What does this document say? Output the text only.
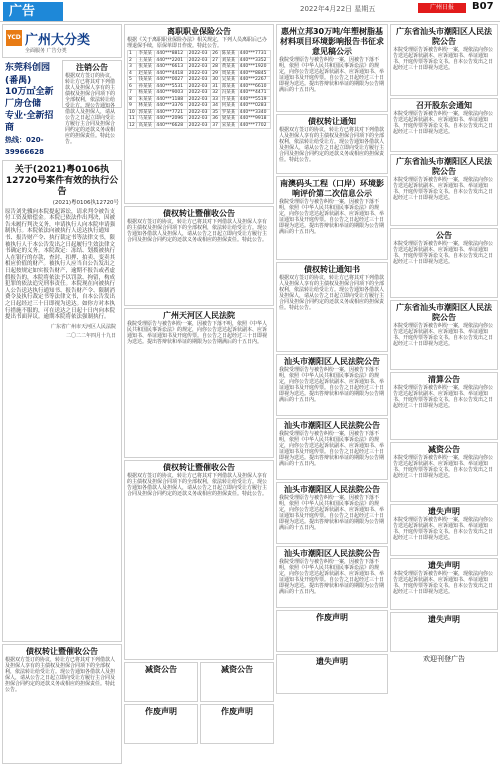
广告	2022年4月22日 星期五	广州日报	B07
YCD 广州大分类
全面服务 广告分类
东莞科创园(番禺)
10万㎡全新厂房仓储
专业·全新招商
热线：020-39966628
注销公告
根据双方签订的协议，转让方已将其对下列借款人及担保人享有的主债权及担保合同项下的全部权利，依法转让给受让方。现公告通知各借款人及担保人，请从公告之日起立即向受让方履行主合同及担保合同约定的还款义务或相应的担保责任。特此公告。
关于(2021)粤0106执12720号案件有效的执行公告
(2021)粤0106执12720号
原告刘先骥向本院提起诉讼，请求判令被告支付工资及赔偿金。本院已依法作出判决，因被告未履行判决义务，申请执行人向本院申请强制执行。本院依法向被执行人送达执行通知书、报告财产令、执行裁定书等法律文书，限被执行人于本公告发出之日起履行生效法律文书确定的义务。本院裁定：冻结、划拨被执行人在银行的存款，查封、扣押、拍卖、变卖其相应价值的财产。被执行人应当自公告发出之日起按规定如实报告财产，逾期不报告或者虚假报告的，本院将依法予以罚款、拘留，构成犯罪的依法追究刑事责任。本院现在向被执行人公告送达执行通知书、报告财产令、限制消费令及执行裁定书等法律文书，自本公告发出之日起经过三十日即视为送达。如你方对本执行措施不服的，可在送达之日起十日内向本院提出书面异议。逾期本院将依法强制执行。
广东省广州市天河区人民法院
二〇二二年四月十九日
债权转让暨催收公告
根据双方签订的协议，转让方已将其对下列借款人及担保人享有的主债权及担保合同项下的全部权利，依法转让给受让方。现公告通知各借款人及担保人，请从公告之日起立即向受让方履行主合同及担保合同约定的还款义务或相应的担保责任。特此公告。
离职职业保险公告
根据《关于离职职业保险办法》相关规定，下列人员离职后已办理退保手续，原保单即日作废。特此公告。
1	李某某	440***8812	2022-03	26	陈某某	440***7731
2	王某某	440***2201	2022-03	27	刘某某	440***3352
3	张某某	440***6613	2022-03	28	黄某某	440***1920
4	赵某某	440***4418	2022-03	29	周某某	440***8845
5	钱某某	440***0027	2022-03	30	吴某某	440***2267
6	孙某某	440***5531	2022-03	31	郑某某	440***6610
7	杨某某	440***9003	2022-03	32	冯某某	440***4471
8	朱某某	440***1188	2022-03	33	许某某	440***5519
9	林某某	440***3376	2022-03	34	何某某	440***0283
10	郭某某	440***7721	2022-03	35	罗某某	440***3340
11	马某某	440***2096	2022-03	36	梁某某	440***9918
12	高某某	440***6628	2022-03	37	宋某某	440***7702
债权转让暨催收公告
根据双方签订的协议，转让方已将其对下列借款人及担保人享有的主债权及担保合同项下的全部权利，依法转让给受让方。现公告通知各借款人及担保人，请从公告之日起立即向受让方履行主合同及担保合同约定的还款义务或相应的担保责任。特此公告。
广州天河区人民法院
我院受理原告与被告纠纷一案，因被告下落不明，依照《中华人民共和国民事诉讼法》的规定，向你公告送达起诉状副本、应诉通知书、举证通知书及开庭传票。自公告之日起经过三十日即视为送达。提出答辩状和举证的期限为公告期满后的十五日内。
债权转让暨催收公告
根据双方签订的协议，转让方已将其对下列借款人及担保人享有的主债权及担保合同项下的全部权利，依法转让给受让方。现公告通知各借款人及担保人，请从公告之日起立即向受让方履行主合同及担保合同约定的还款义务或相应的担保责任。特此公告。
减资公告	减资公告
作废声明	作废声明
惠州立邦30万吨/年塑树脂基材料项目环境影响报告书征求意见稿公示
我院受理原告与被告纠纷一案，因被告下落不明，依照《中华人民共和国民事诉讼法》的规定，向你公告送达起诉状副本、应诉通知书、举证通知书及开庭传票。自公告之日起经过三十日即视为送达。提出答辩状和举证的期限为公告期满后的十五日内。
债权转让通知
根据双方签订的协议，转让方已将其对下列借款人及担保人享有的主债权及担保合同项下的全部权利，依法转让给受让方。现公告通知各借款人及担保人，请从公告之日起立即向受让方履行主合同及担保合同约定的还款义务或相应的担保责任。特此公告。
南澳码头工程（口岸）环境影响评价第二次信息公示
我院受理原告与被告纠纷一案，因被告下落不明，依照《中华人民共和国民事诉讼法》的规定，向你公告送达起诉状副本、应诉通知书、举证通知书及开庭传票。自公告之日起经过三十日即视为送达。提出答辩状和举证的期限为公告期满后的十五日内。
债权转让通知书
根据双方签订的协议，转让方已将其对下列借款人及担保人享有的主债权及担保合同项下的全部权利，依法转让给受让方。现公告通知各借款人及担保人，请从公告之日起立即向受让方履行主合同及担保合同约定的还款义务或相应的担保责任。特此公告。
汕头市潮阳区人民法院公告
我院受理原告与被告纠纷一案，因被告下落不明，依照《中华人民共和国民事诉讼法》的规定，向你公告送达起诉状副本、应诉通知书、举证通知书及开庭传票。自公告之日起经过三十日即视为送达。提出答辩状和举证的期限为公告期满后的十五日内。
汕头市潮阳区人民法院公告
我院受理原告与被告纠纷一案，因被告下落不明，依照《中华人民共和国民事诉讼法》的规定，向你公告送达起诉状副本、应诉通知书、举证通知书及开庭传票。自公告之日起经过三十日即视为送达。提出答辩状和举证的期限为公告期满后的十五日内。
汕头市潮阳区人民法院公告
我院受理原告与被告纠纷一案，因被告下落不明，依照《中华人民共和国民事诉讼法》的规定，向你公告送达起诉状副本、应诉通知书、举证通知书及开庭传票。自公告之日起经过三十日即视为送达。提出答辩状和举证的期限为公告期满后的十五日内。
汕头市潮阳区人民法院公告
我院受理原告与被告纠纷一案，因被告下落不明，依照《中华人民共和国民事诉讼法》的规定，向你公告送达起诉状副本、应诉通知书、举证通知书及开庭传票。自公告之日起经过三十日即视为送达。提出答辩状和举证的期限为公告期满后的十五日内。
作废声明
遗失声明
广东省汕头市潮阳区人民法院公告
本院受理原告诉被告纠纷一案，现依法向你公告送达起诉状副本、应诉通知书、举证通知书、开庭传票等诉讼文书。自本公告发出之日起经过三十日即视为送达。
召开股东会通知
本院受理原告诉被告纠纷一案，现依法向你公告送达起诉状副本、应诉通知书、举证通知书、开庭传票等诉讼文书。自本公告发出之日起经过三十日即视为送达。
广东省汕头市潮阳区人民法院公告
本院受理原告诉被告纠纷一案，现依法向你公告送达起诉状副本、应诉通知书、举证通知书、开庭传票等诉讼文书。自本公告发出之日起经过三十日即视为送达。
公告
本院受理原告诉被告纠纷一案，现依法向你公告送达起诉状副本、应诉通知书、举证通知书、开庭传票等诉讼文书。自本公告发出之日起经过三十日即视为送达。
广东省汕头市潮阳区人民法院公告
本院受理原告诉被告纠纷一案，现依法向你公告送达起诉状副本、应诉通知书、举证通知书、开庭传票等诉讼文书。自本公告发出之日起经过三十日即视为送达。
清算公告
本院受理原告诉被告纠纷一案，现依法向你公告送达起诉状副本、应诉通知书、举证通知书、开庭传票等诉讼文书。自本公告发出之日起经过三十日即视为送达。
减资公告
本院受理原告诉被告纠纷一案，现依法向你公告送达起诉状副本、应诉通知书、举证通知书、开庭传票等诉讼文书。自本公告发出之日起经过三十日即视为送达。
遗失声明
本院受理原告诉被告纠纷一案，现依法向你公告送达起诉状副本、应诉通知书、举证通知书、开庭传票等诉讼文书。自本公告发出之日起经过三十日即视为送达。
遗失声明
本院受理原告诉被告纠纷一案，现依法向你公告送达起诉状副本、应诉通知书、举证通知书、开庭传票等诉讼文书。自本公告发出之日起经过三十日即视为送达。
遗失声明
欢迎刊登广告
